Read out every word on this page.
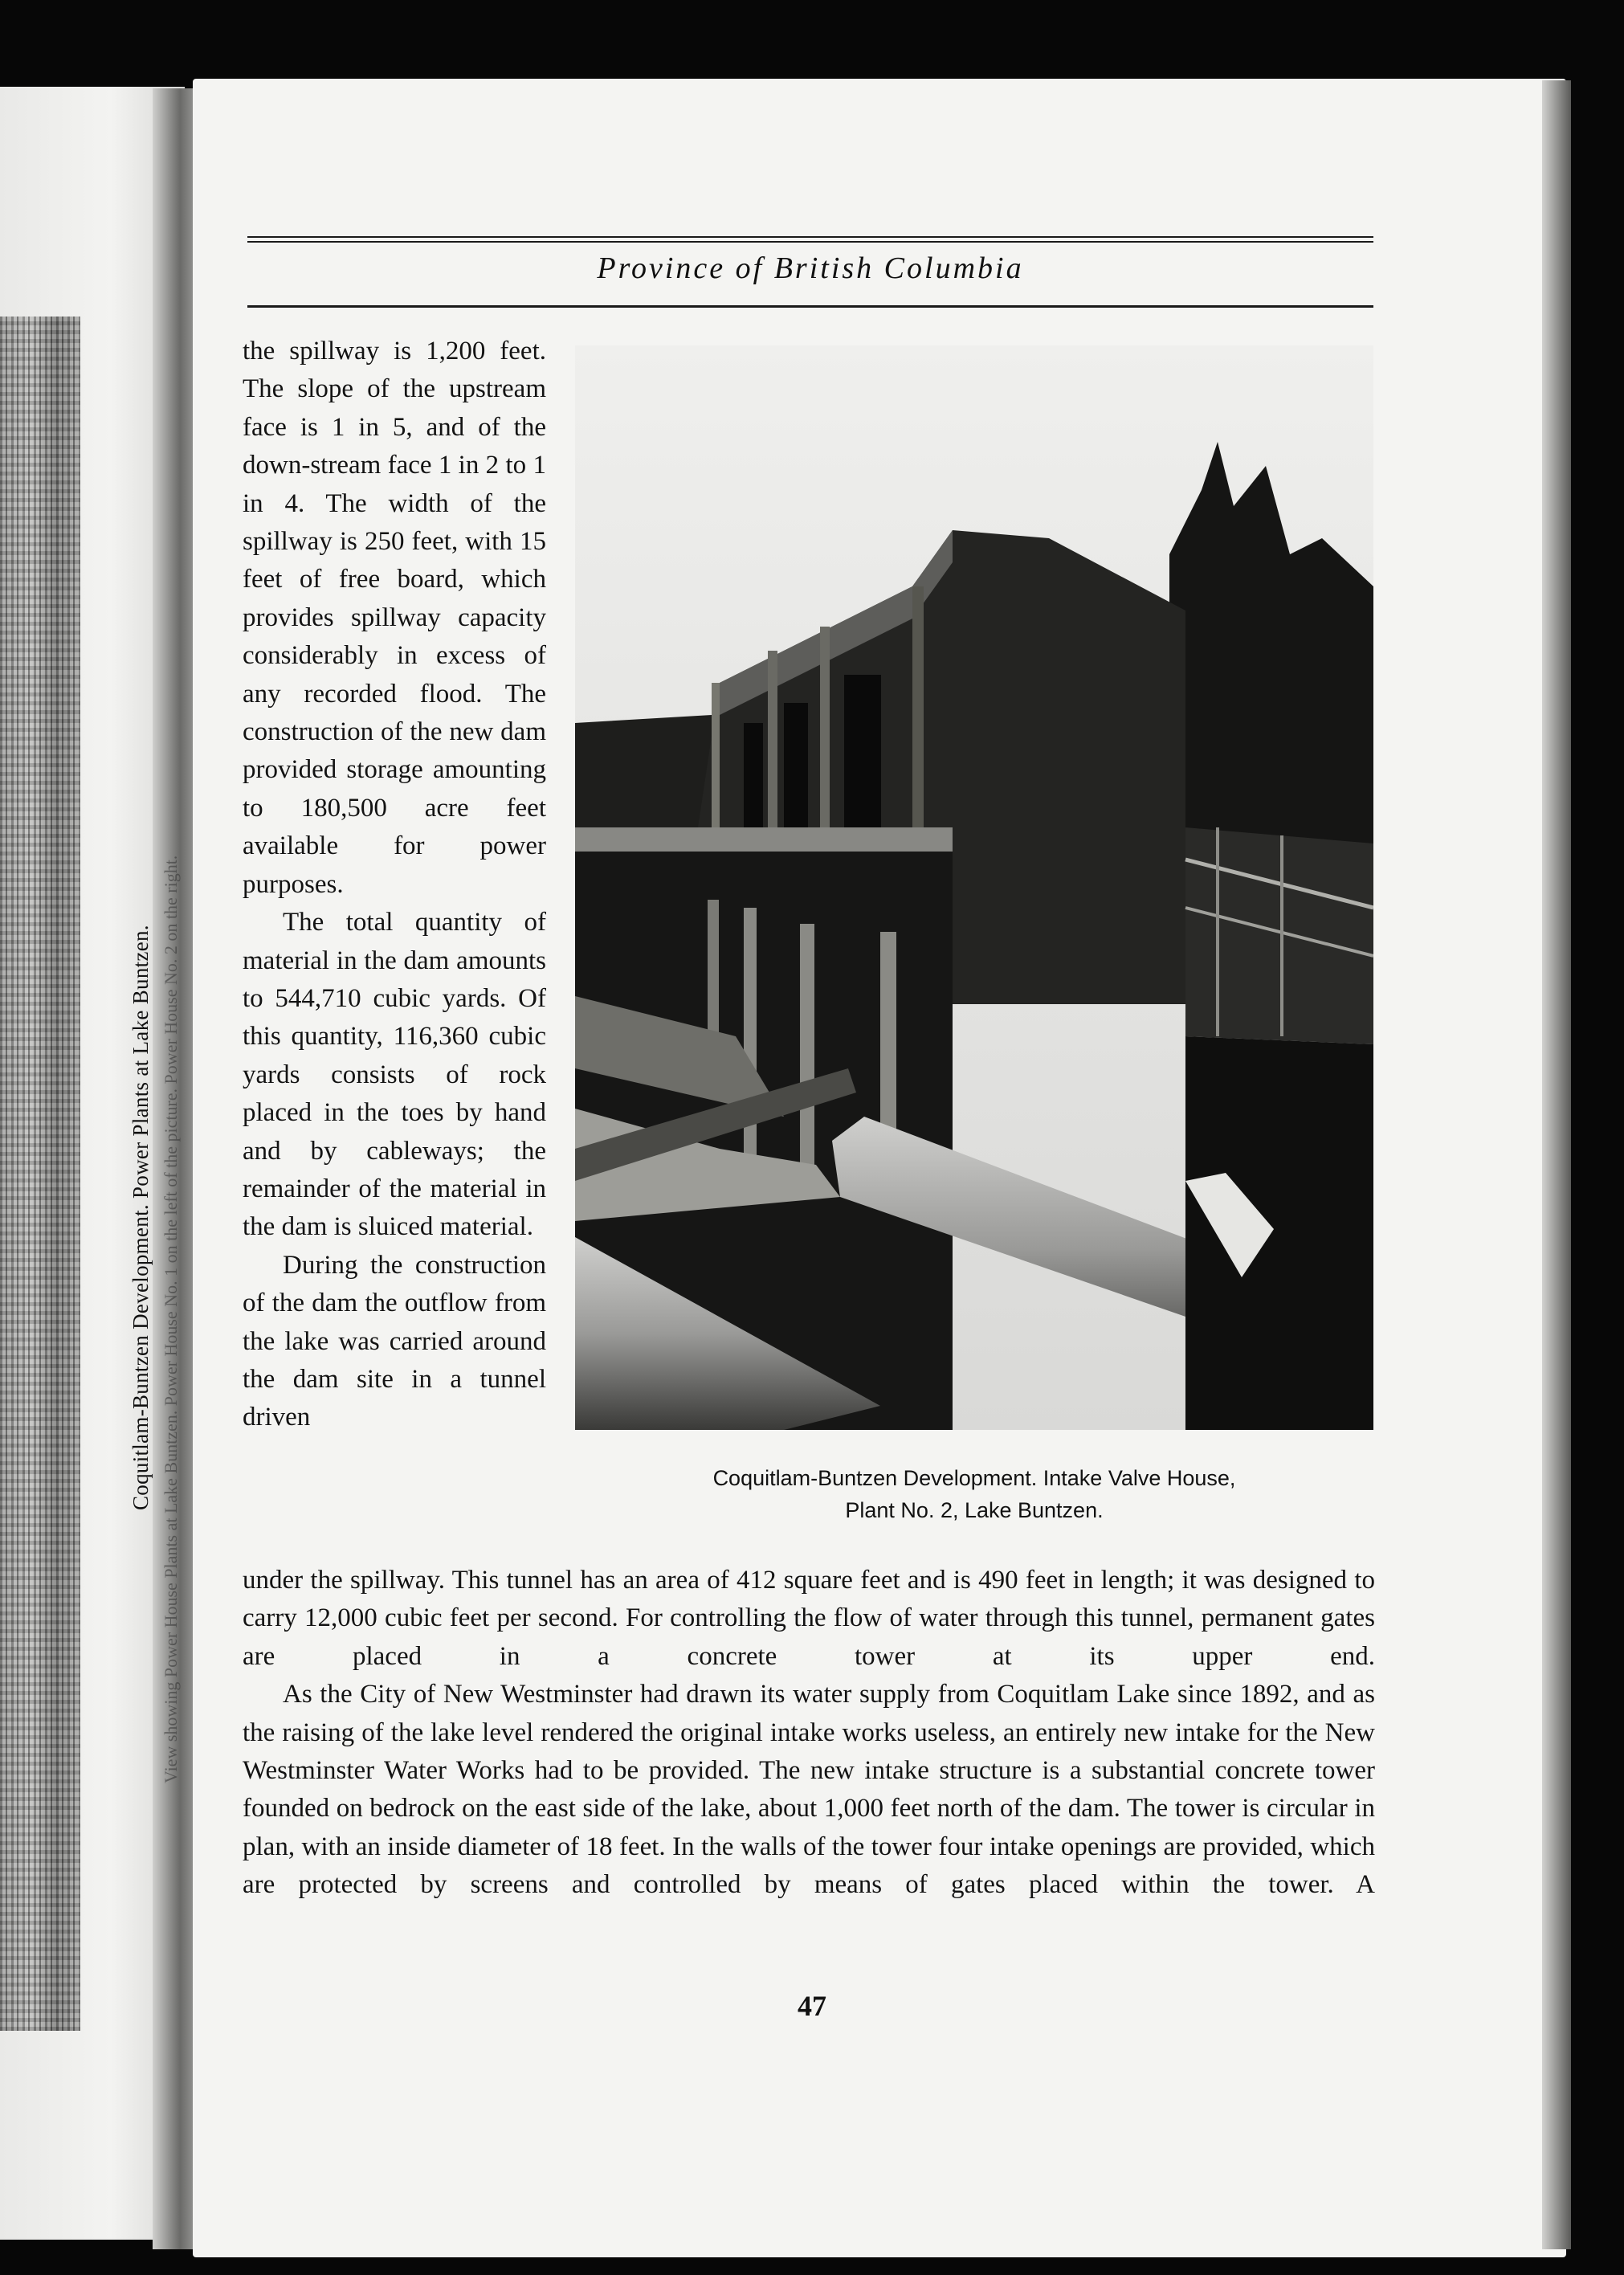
Coquitlam-Buntzen Development. Power Plants at Lake Buntzen. View showing Power House Plants at Lake Buntzen. Power House No. 1 on the left of the picture. Power House No. 2 on the right.
Province of British Columbia

the spillway is 1,200 feet. The slope of the upstream face is 1 in 5, and of the down-stream face 1 in 2 to 1 in 4. The width of the spillway is 250 feet, with 15 feet of free board, which provides spillway capacity considerably in excess of any recorded flood. The construction of the new dam provided storage amounting to 180,500 acre feet available for power purposes.

The total quantity of material in the dam amounts to 544,710 cubic yards. Of this quantity, 116,360 cubic yards consists of rock placed in the toes by hand and by cableways; the remainder of the material in the dam is sluiced material.

During the construction of the dam the outflow from the lake was carried around the dam site in a tunnel driven

Coquitlam-Buntzen Development. Intake Valve House,
Plant No. 2, Lake Buntzen.

under the spillway. This tunnel has an area of 412 square feet and is 490 feet in length; it was designed to carry 12,000 cubic feet per second. For controlling the flow of water through this tunnel, permanent gates are placed in a concrete tower at its upper end.

As the City of New Westminster had drawn its water supply from Coquitlam Lake since 1892, and as the raising of the lake level rendered the original intake works useless, an entirely new intake for the New Westminster Water Works had to be provided. The new intake structure is a substantial concrete tower founded on bedrock on the east side of the lake, about 1,000 feet north of the dam. The tower is circular in plan, with an inside diameter of 18 feet. In the walls of the tower four intake openings are provided, which are protected by screens and controlled by means of gates placed within the tower. A

47
